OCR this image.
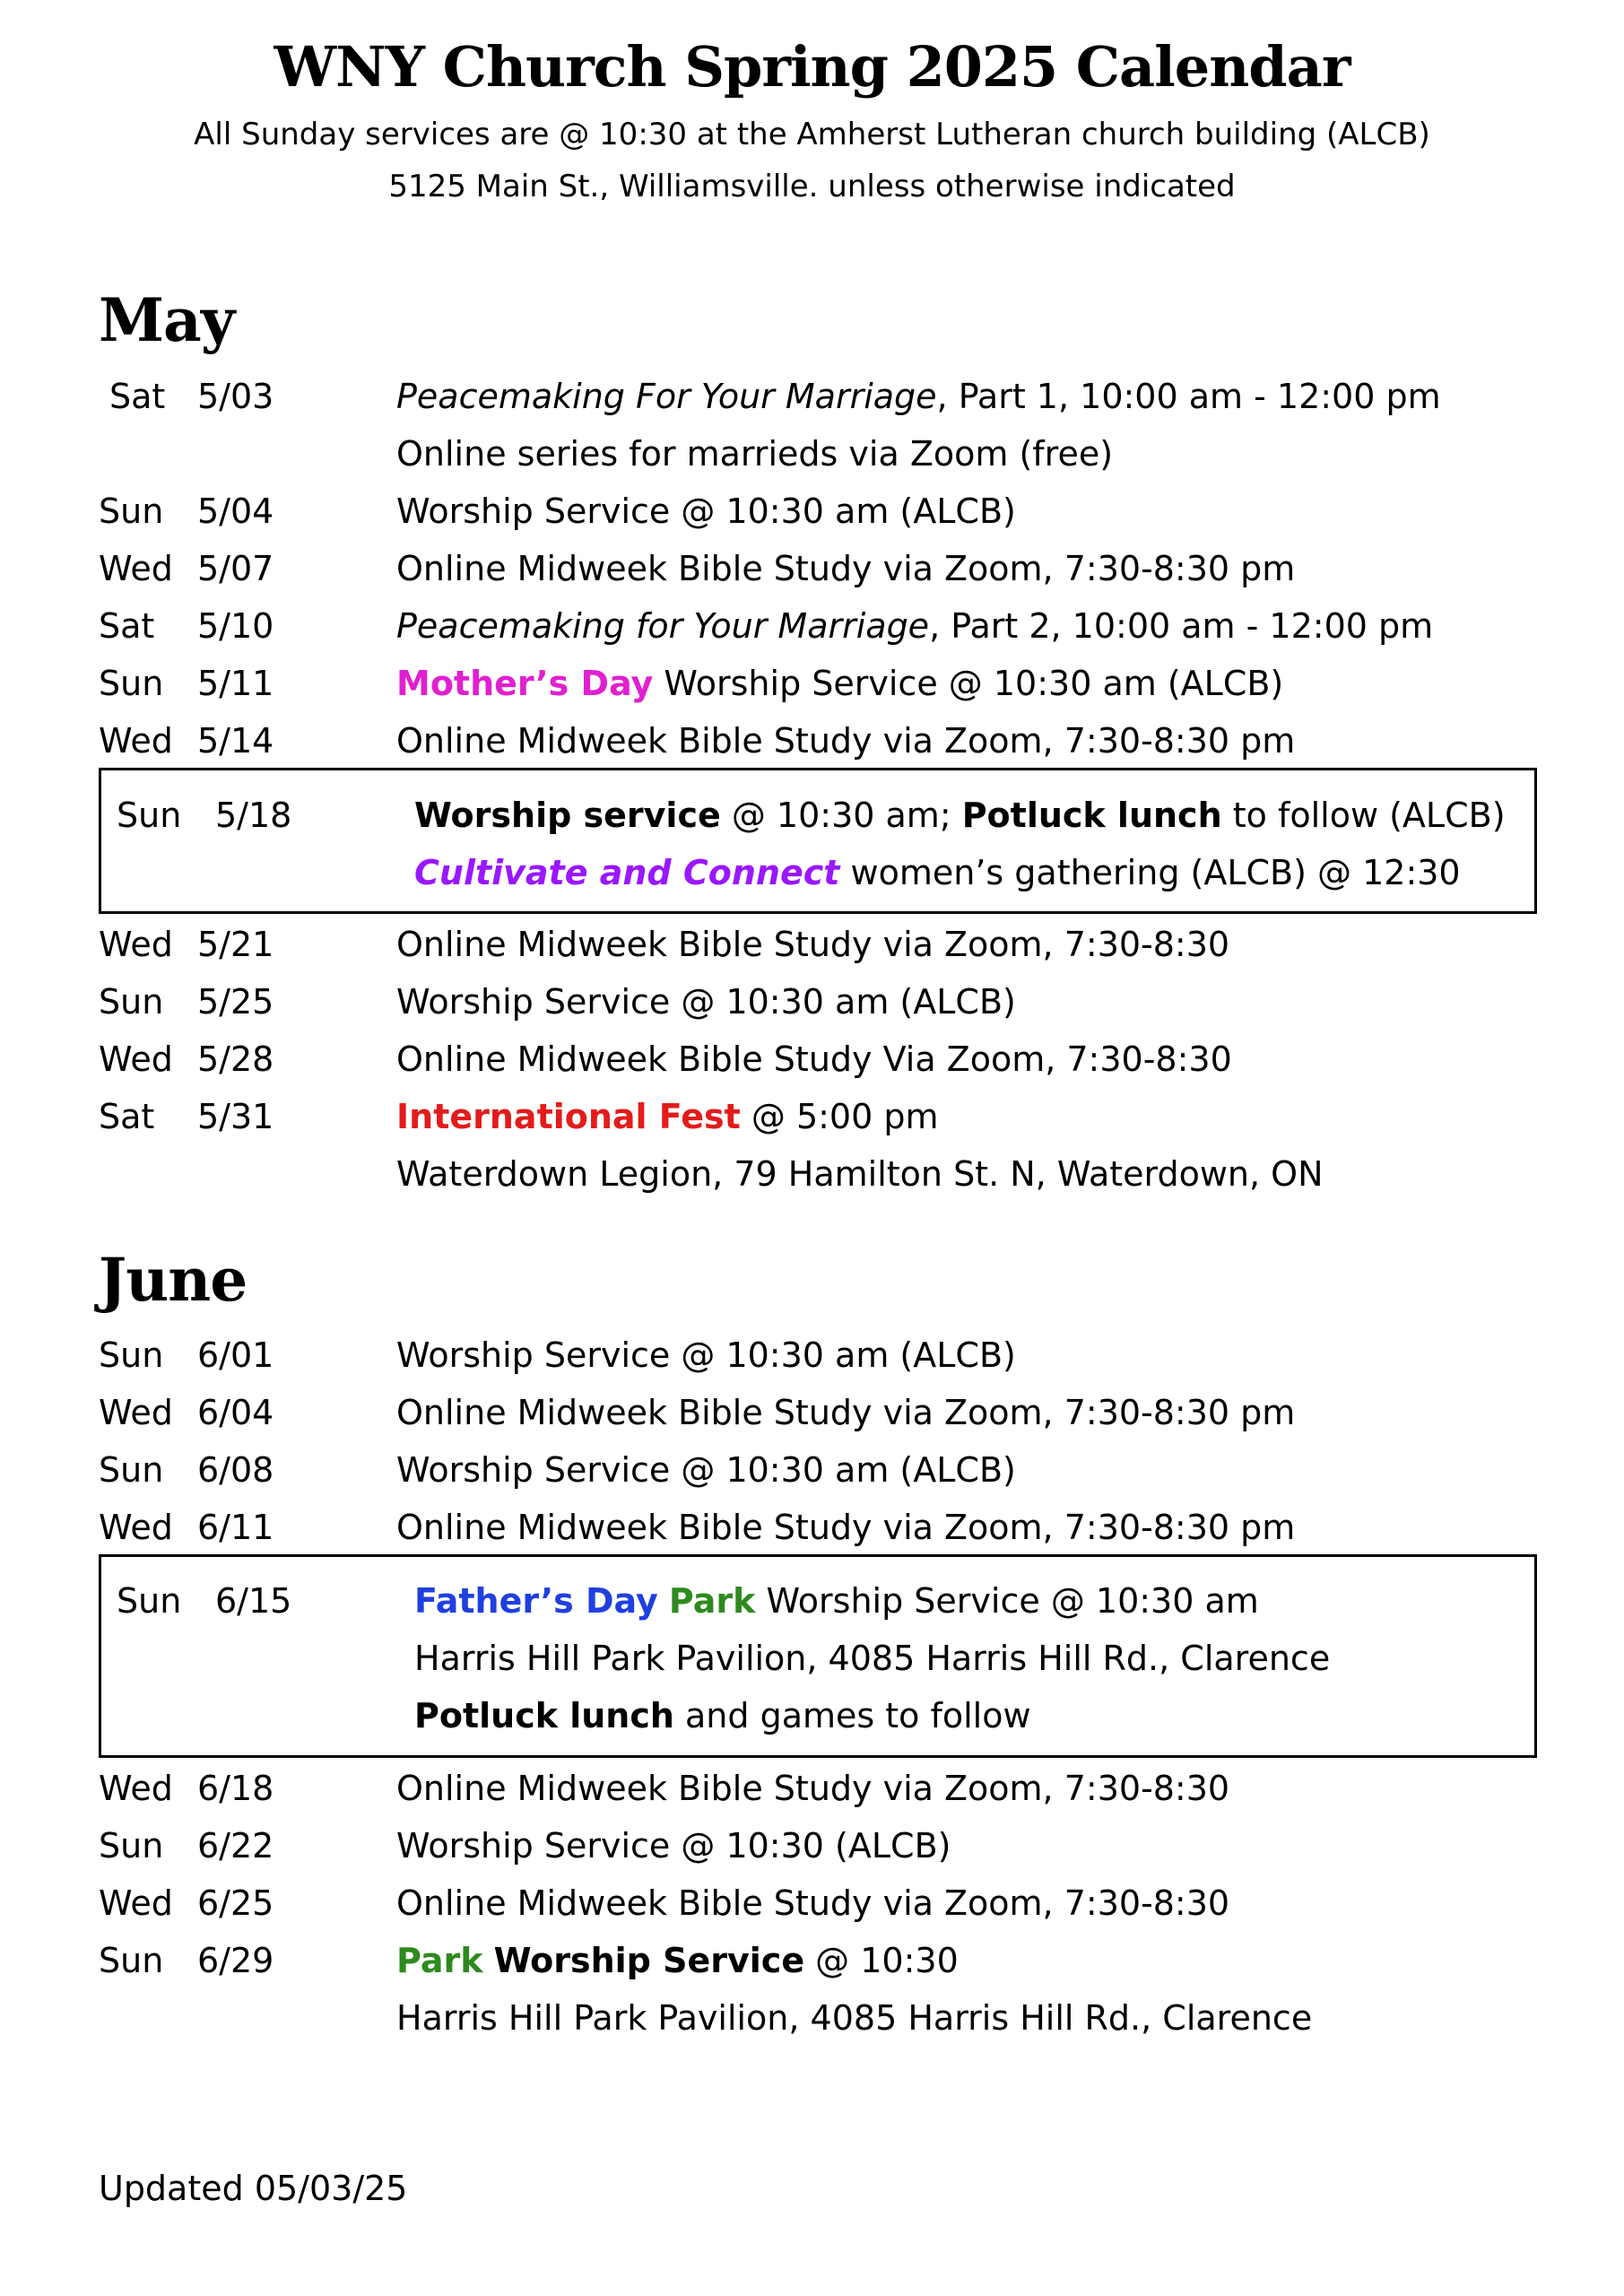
WNY Church Spring 2025 Calendar
All Sunday services are @ 10:30 at the Amherst Lutheran church building (ALCB)
5125 Main St., Williamsville. unless otherwise indicated
May
Sat 5/03	Peacemaking For Your Marriage, Part 1, 10:00 am - 12:00 pm
Online series for marrieds via Zoom (free)
Sun 5/04	Worship Service @ 10:30 am (ALCB)
Wed 5/07	Online Midweek Bible Study via Zoom, 7:30-8:30 pm
Sat 5/10	Peacemaking for Your Marriage, Part 2, 10:00 am - 12:00 pm
Sun 5/11	Mother’s Day Worship Service @ 10:30 am (ALCB)
Wed 5/14	Online Midweek Bible Study via Zoom, 7:30-8:30 pm
Sun 5/18	Worship service @ 10:30 am; Potluck lunch to follow (ALCB)
Cultivate and Connect women’s gathering (ALCB) @ 12:30
Wed 5/21	Online Midweek Bible Study via Zoom, 7:30-8:30
Sun 5/25	Worship Service @ 10:30 am (ALCB)
Wed 5/28	Online Midweek Bible Study Via Zoom, 7:30-8:30
Sat 5/31	International Fest @ 5:00 pm
Waterdown Legion, 79 Hamilton St. N, Waterdown, ON
June
Sun 6/01	Worship Service @ 10:30 am (ALCB)
Wed 6/04	Online Midweek Bible Study via Zoom, 7:30-8:30 pm
Sun 6/08	Worship Service @ 10:30 am (ALCB)
Wed 6/11	Online Midweek Bible Study via Zoom, 7:30-8:30 pm
Sun 6/15	Father’s Day Park Worship Service @ 10:30 am
Harris Hill Park Pavilion, 4085 Harris Hill Rd., Clarence
Potluck lunch and games to follow
Wed 6/18	Online Midweek Bible Study via Zoom, 7:30-8:30
Sun 6/22	Worship Service @ 10:30 (ALCB)
Wed 6/25	Online Midweek Bible Study via Zoom, 7:30-8:30
Sun 6/29	Park Worship Service @ 10:30
Harris Hill Park Pavilion, 4085 Harris Hill Rd., Clarence
Updated 05/03/25
